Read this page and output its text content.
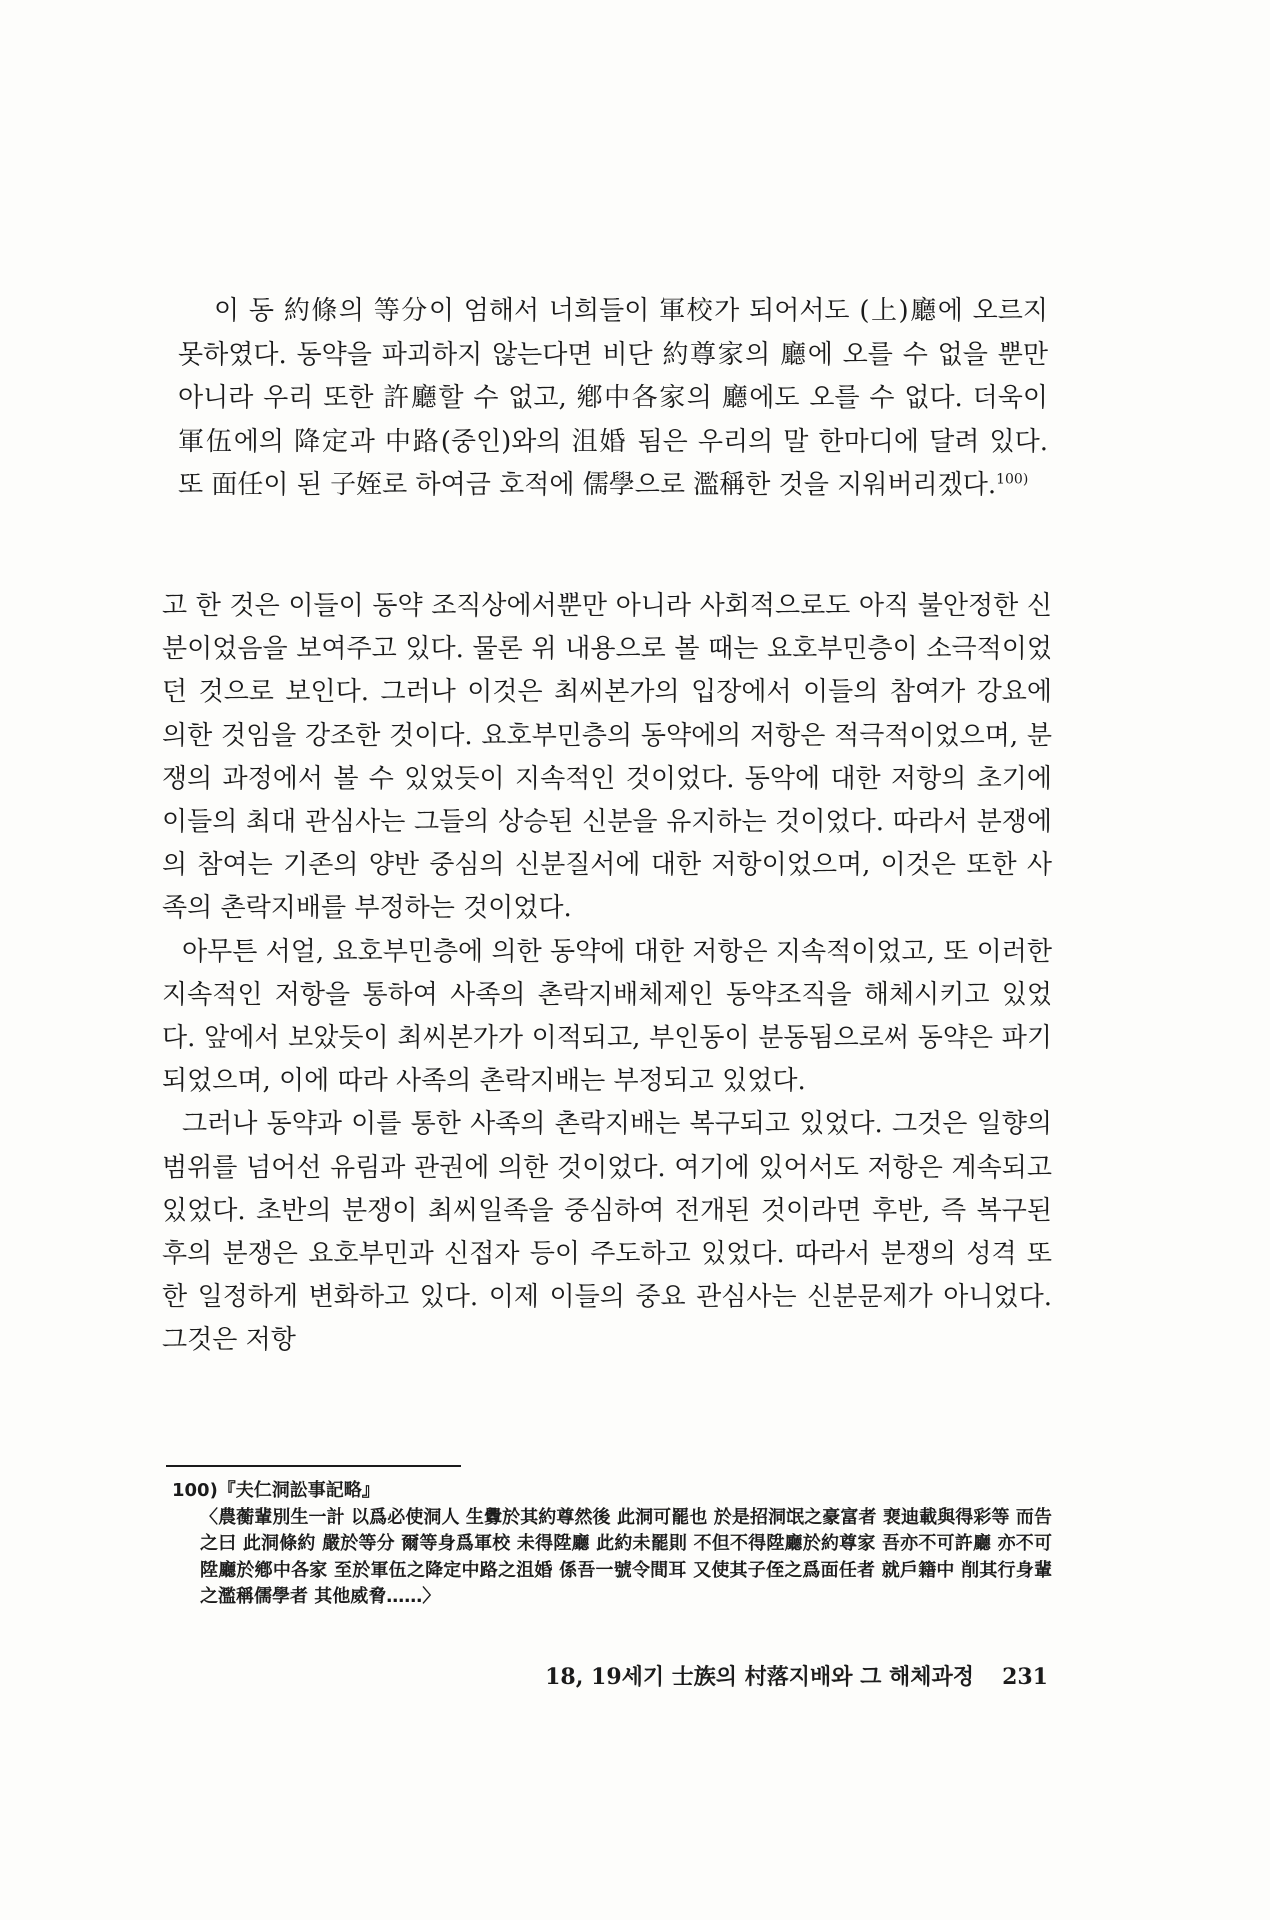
이 동 約條의 等分이 엄해서 너희들이 軍校가 되어서도 (上)廳에 오르지 못하였다. 동약을 파괴하지 않는다면 비단 約尊家의 廳에 오를 수 없을 뿐만 아니라 우리 또한 許廳할 수 없고, 鄕中各家의 廳에도 오를 수 없다. 더욱이 軍伍에의 降定과 中路(중인)와의 沮婚 됨은 우리의 말 한마디에 달려 있다. 또 面任이 된 子姪로 하여금 호적에 儒學으로 濫稱한 것을 지워버리겠다.$^{100)}$

고 한 것은 이들이 동약 조직상에서뿐만 아니라 사회적으로도 아직 불안정한 신분이었음을 보여주고 있다. 물론 위 내용으로 볼 때는 요호부민층이 소극적이었던 것으로 보인다. 그러나 이것은 최씨본가의 입장에서 이들의 참여가 강요에 의한 것임을 강조한 것이다. 요호부민층의 동약에의 저항은 적극적이었으며, 분쟁의 과정에서 볼 수 있었듯이 지속적인 것이었다. 동악에 대한 저항의 초기에 이들의 최대 관심사는 그들의 상승된 신분을 유지하는 것이었다. 따라서 분쟁에의 참여는 기존의 양반 중심의 신분질서에 대한 저항이었으며, 이것은 또한 사족의 촌락지배를 부정하는 것이었다.

아무튼 서얼, 요호부민층에 의한 동약에 대한 저항은 지속적이었고, 또 이러한 지속적인 저항을 통하여 사족의 촌락지배체제인 동약조직을 해체시키고 있었다. 앞에서 보았듯이 최씨본가가 이적되고, 부인동이 분동됨으로써 동약은 파기되었으며, 이에 따라 사족의 촌락지배는 부정되고 있었다.

그러나 동약과 이를 통한 사족의 촌락지배는 복구되고 있었다. 그것은 일향의 범위를 넘어선 유림과 관권에 의한 것이었다. 여기에 있어서도 저항은 계속되고 있었다. 초반의 분쟁이 최씨일족을 중심하여 전개된 것이라면 후반, 즉 복구된 후의 분쟁은 요호부민과 신접자 등이 주도하고 있었다. 따라서 분쟁의 성격 또한 일정하게 변화하고 있다. 이제 이들의 중요 관심사는 신분문제가 아니었다. 그것은 저항

100)『夫仁洞訟事記略』

〈農蘅輩別生一計 以爲必使洞人 生釁於其約尊然後 此洞可罷也 於是招洞氓之豪富者 裵迪載與得彩等 而告之曰 此洞條約 嚴於等分 爾等身爲軍校 未得陞廳 此約未罷則 不但不得陞廳於約尊家 吾亦不可許廳 亦不可陞廳於鄕中各家 至於軍伍之降定中路之沮婚 係吾一號令間耳 又使其子侄之爲面任者 就戶籍中 削其行身輩之濫稱儒學者 其他威脅……〉

18, 19세기 士族의 村落지배와 그 해체과정 231
